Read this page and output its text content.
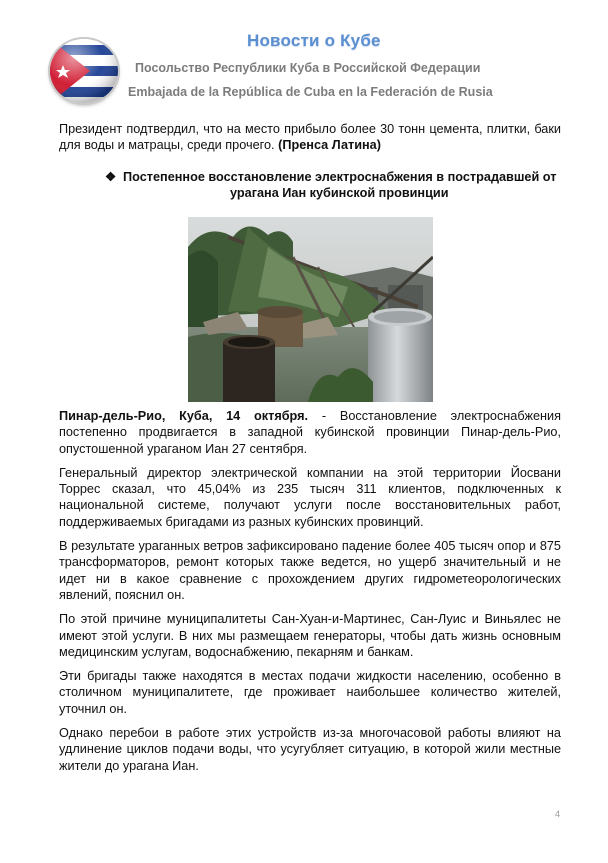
Новости о Кубе
Посольство Республики Куба в Российской Федерации
Embajada de la República de Cuba en la Federación de Rusia

Президент подтвердил, что на место прибыло более 30 тонн цемента, плитки, баки для воды и матрацы, среди прочего. (Пренса Латина)

❖ Постепенное восстановление электроснабжения в пострадавшей от
урагана Иан кубинской провинции

Пинар-дель-Рио, Куба, 14 октября. - Восстановление электроснабжения постепенно продвигается в западной кубинской провинции Пинар-дель-Рио, опустошенной ураганом Иан 27 сентября.

Генеральный директор электрической компании на этой территории Йосвани Торрес сказал, что 45,04% из 235 тысяч 311 клиентов, подключенных к национальной системе, получают услуги после восстановительных работ, поддерживаемых бригадами из разных кубинских провинций.

В результате ураганных ветров зафиксировано падение более 405 тысяч опор и 875 трансформаторов, ремонт которых также ведется, но ущерб значительный и не идет ни в какое сравнение с прохождением других гидрометеорологических явлений, пояснил он.

По этой причине муниципалитеты Сан-Хуан-и-Мартинес, Сан-Луис и Виньялес не имеют этой услуги. В них мы размещаем генераторы, чтобы дать жизнь основным медицинским услугам, водоснабжению, пекарням и банкам.

Эти бригады также находятся в местах подачи жидкости населению, особенно в столичном муниципалитете, где проживает наибольшее количество жителей, уточнил он.

Однако перебои в работе этих устройств из-за многочасовой работы влияют на удлинение циклов подачи воды, что усугубляет ситуацию, в которой жили местные жители до урагана Иан.

4
